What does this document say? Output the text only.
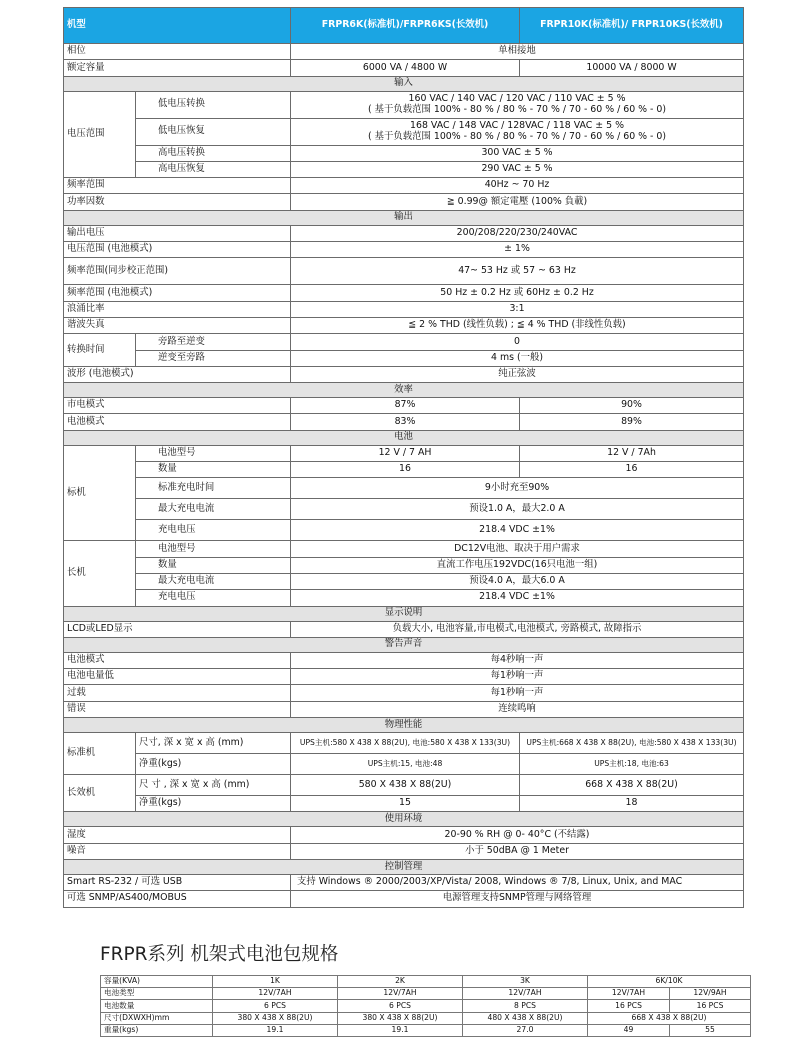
机型		FRPR6K(标准机)/FRPR6KS(长效机)	FRPR10K(标准机)/ FRPR10KS(长效机)
相位		单相接地	
额定容量		6000 VA / 4800 W	10000 VA / 8000 W
输入			
电压范围	低电压转换	160 VAC / 140 VAC / 120 VAC / 110 VAC ± 5 %
( 基于负载范围 100% - 80 % / 80 % - 70 % / 70 - 60 % / 60 % - 0)	

	低电压恢复	168 VAC / 148 VAC / 128VAC / 118 VAC ± 5 %
( 基于负载范围 100% - 80 % / 80 % - 70 % / 70 - 60 % / 60 % - 0)	

	高电压转换	300 VAC ± 5 %	
	高电压恢复	290 VAC ± 5 %	
频率范围		40Hz ~ 70 Hz	
功率因数		≧ 0.99@ 額定電壓 (100% 負載)	
输出			
输出电压		200/208/220/230/240VAC	
电压范围 (电池模式)		± 1%	
频率范围(同步校正范围)		47~ 53 Hz 或 57 ~ 63 Hz	
频率范围 (电池模式)		50 Hz ± 0.2 Hz 或 60Hz ± 0.2 Hz	
浪涌比率		3:1	
谐波失真		≦ 2 % THD (线性负载) ; ≦ 4 % THD (非线性负载)	
转换时间	旁路至逆变	0	
	逆变至旁路	4 ms (一般)	
波形 (电池模式)		纯正弦波	
效率			
市电模式		87%	90%
电池模式		83%	89%
电池			
标机	电池型号	12 V / 7 AH	12 V / 7Ah
	数量	16	16
	标准充电时间	9小时充至90%	
	最大充电电流	预设1.0 A，最大2.0 A	
	充电电压	218.4 VDC ±1%	
长机	电池型号	DC12V电池、取决于用户需求	
	数量	直流工作电压192VDC(16只电池一组)	
	最大充电电流	预设4.0 A，最大6.0 A	
	充电电压	218.4 VDC ±1%	
显示说明			
LCD或LED显示		负载大小, 电池容量,市电模式,电池模式, 旁路模式, 故障指示	
警告声音			
电池模式		每4秒响一声	
电池电量低		每1秒响一声	
过载		每1秒响一声	
错误		连续鸣响	
物理性能			
标准机	尺寸, 深 x 宽 x 高 (mm)	UPS主机:580 X 438 X 88(2U), 电池:580 X 438 X 133(3U)	UPS主机:668 X 438 X 88(2U), 电池:580 X 438 X 133(3U)
	净重(kgs)	UPS主机:15, 电池:48	UPS主机:18, 电池:63
长效机	尺 寸 , 深 x 宽 x 高 (mm)	580 X 438 X 88(2U)	668 X 438 X 88(2U)
	净重(kgs)	15	18
使用环境			
湿度		20-90 % RH @ 0- 40°C (不结露)	
噪音		小于 50dBA @ 1 Meter	
控制管理			
Smart RS-232 / 可选 USB		支持 Windows ® 2000/2003/XP/Vista/ 2008, Windows ® 7/8, Linux, Unix, and MAC	
可选 SNMP/AS400/MOBUS		电源管理支持SNMP管理与网络管理	
FRPR系列 机架式电池包规格
容量(KVA)	1K	2K	3K	6K/10K	
电池类型	12V/7AH	12V/7AH	12V/7AH	12V/7AH	12V/9AH
电池数量	6 PCS	6 PCS	8 PCS	16 PCS	16 PCS
尺寸(DXWXH)mm	380 X 438 X 88(2U)	380 X 438 X 88(2U)	480 X 438 X 88(2U)	668 X 438 X 88(2U)	
重量(kgs)	19.1	19.1	27.0	49	55
